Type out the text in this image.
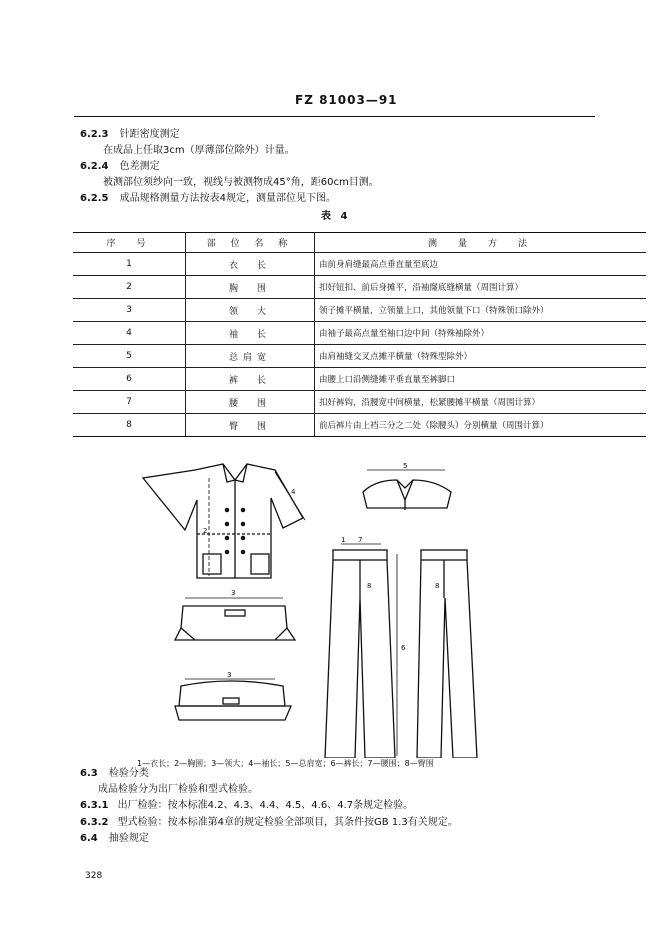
FZ 81003—91
6.2.3 针距密度测定
在成品上任取3cm（厚薄部位除外）计量。
6.2.4 色差测定
被测部位须纱向一致，视线与被测物成45°角，距60cm目测。
6.2.5 成品规格测量方法按表4规定，测量部位见下图。
表 4
序　号	部 位 名 称	测　量　方　法
1	衣　长	由前身肩缝最高点垂直量至底边
2	胸　围	扣好钮扣、前后身摊平，沿袖窿底缝横量（周围计算）
3	领　大	领子摊平横量，立领量上口，其他领量下口（特殊领口除外）
4	袖　长	由袖子最高点量至袖口边中间（特殊袖除外）
5	总肩宽	由肩袖缝交叉点摊平横量（特殊型除外）
6	裤　长	由腰上口沿侧缝摊平垂直量至裤脚口
7	腰　围	扣好裤钩，沿腰宽中间横量，松紧腰摊平横量（周围计算）
8	臀　围	前后裤片由上裆三分之二处（除腰头）分别横量（周围计算）
2
4
3
3
5
7
8
6
8
1
1—衣长；2—胸围；3—领大；4—袖长；5—总肩宽；6—裤长；7—腰围；8—臀围
6.3 检验分类
成品检验分为出厂检验和型式检验。
6.3.1 出厂检验：按本标准4.2、4.3、4.4、4.5、4.6、4.7条规定检验。
6.3.2 型式检验：按本标准第4章的规定检验全部项目，其条件按GB 1.3有关规定。
6.4 抽验规定
328
